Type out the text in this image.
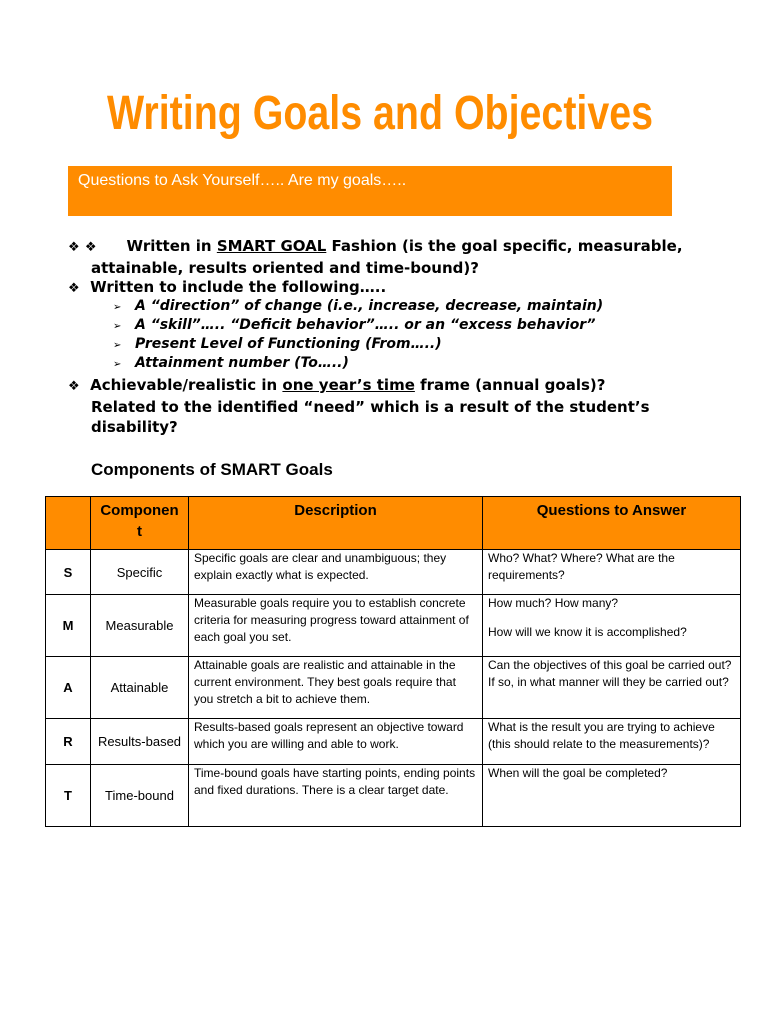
Writing Goals and Objectives
Questions to Ask Yourself….. Are my goals…..
❖ ❖ Written in SMART GOAL Fashion (is the goal specific, measurable,
attainable, results oriented and time-bound)?
❖ Written to include the following…..
➢ A “direction” of change (i.e., increase, decrease, maintain)
➢ A “skill”….. “Deficit behavior”….. or an “excess behavior”
➢ Present Level of Functioning (From…..)
➢ Attainment number (To…..)
❖ Achievable/realistic in one year’s time frame (annual goals)?
Related to the identified “need” which is a result of the student’s
disability?
Components of SMART Goals
	Componen
t	Description	Questions to Answer
S	Specific	Specific goals are clear and unambiguous; they explain exactly what is expected.	Who? What? Where? What are the requirements?
M	Measurable	Measurable goals require you to establish concrete criteria for measuring progress toward attainment of each goal you set.	How much? How many?
How will we know it is accomplished?
A	Attainable	Attainable goals are realistic and attainable in the current environment. They best goals require that you stretch a bit to achieve them.	Can the objectives of this goal be carried out? If so, in what manner will they be carried out?
R	Results-based	Results-based goals represent an objective toward which you are willing and able to work.	What is the result you are trying to achieve (this should relate to the measurements)?
T	Time-bound	Time-bound goals have starting points, ending points and fixed durations. There is a clear target date.	When will the goal be completed?
